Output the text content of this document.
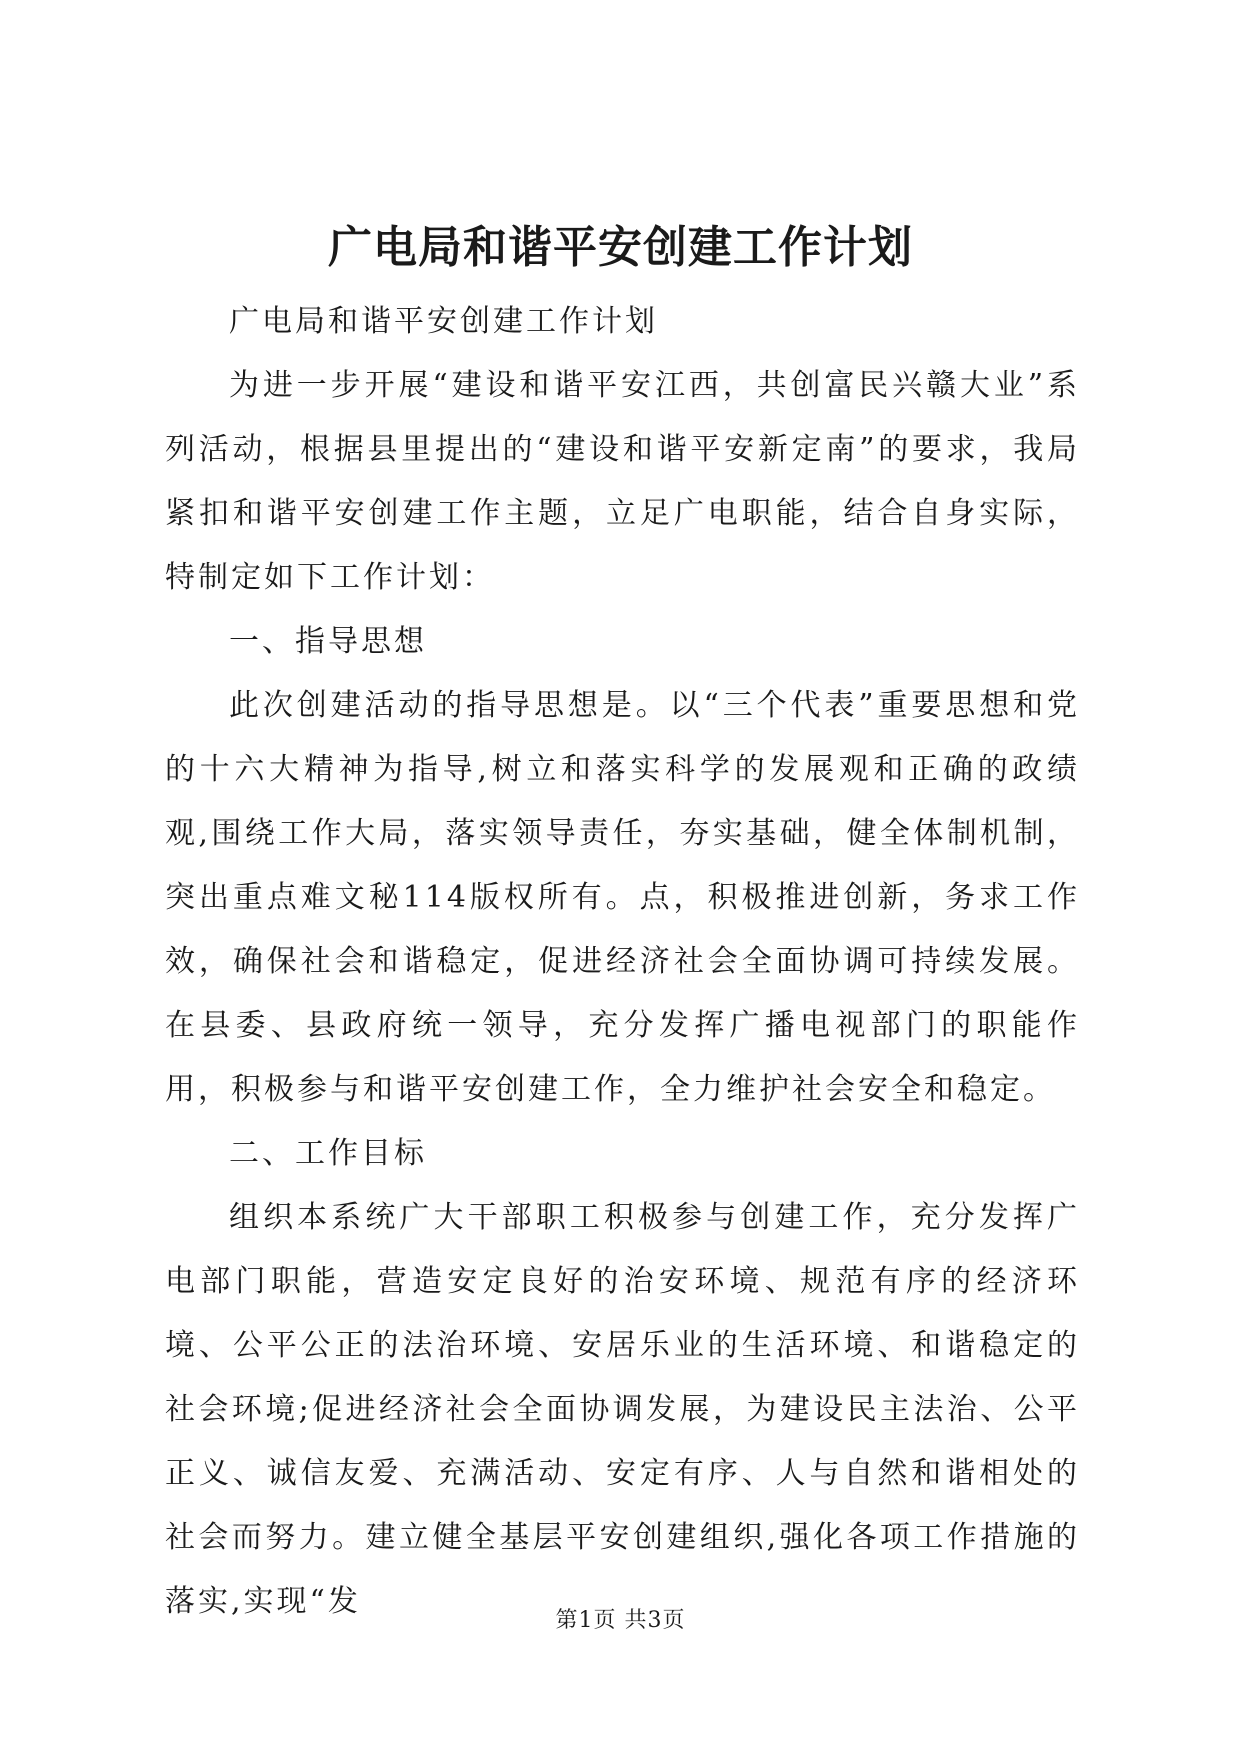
广电局和谐平安创建工作计划

广电局和谐平安创建工作计划

为进一步开展“建设和谐平安江西，共创富民兴赣大业”系列活动，根据县里提出的“建设和谐平安新定南”的要求，我局紧扣和谐平安创建工作主题，立足广电职能，结合自身实际，特制定如下工作计划：

一、指导思想

此次创建活动的指导思想是。以“三个代表”重要思想和党的十六大精神为指导,树立和落实科学的发展观和正确的政绩观,围绕工作大局，落实领导责任，夯实基础，健全体制机制，突出重点难文秘114版权所有。点，积极推进创新，务求工作效，确保社会和谐稳定，促进经济社会全面协调可持续发展。在县委、县政府统一领导，充分发挥广播电视部门的职能作用，积极参与和谐平安创建工作，全力维护社会安全和稳定。

二、工作目标

组织本系统广大干部职工积极参与创建工作，充分发挥广电部门职能，营造安定良好的治安环境、规范有序的经济环境、公平公正的法治环境、安居乐业的生活环境、和谐稳定的社会环境;促进经济社会全面协调发展，为建设民主法治、公平正义、诚信友爱、充满活动、安定有序、人与自然和谐相处的社会而努力。建立健全基层平安创建组织,强化各项工作措施的落实,实现“发

第1页 共3页
